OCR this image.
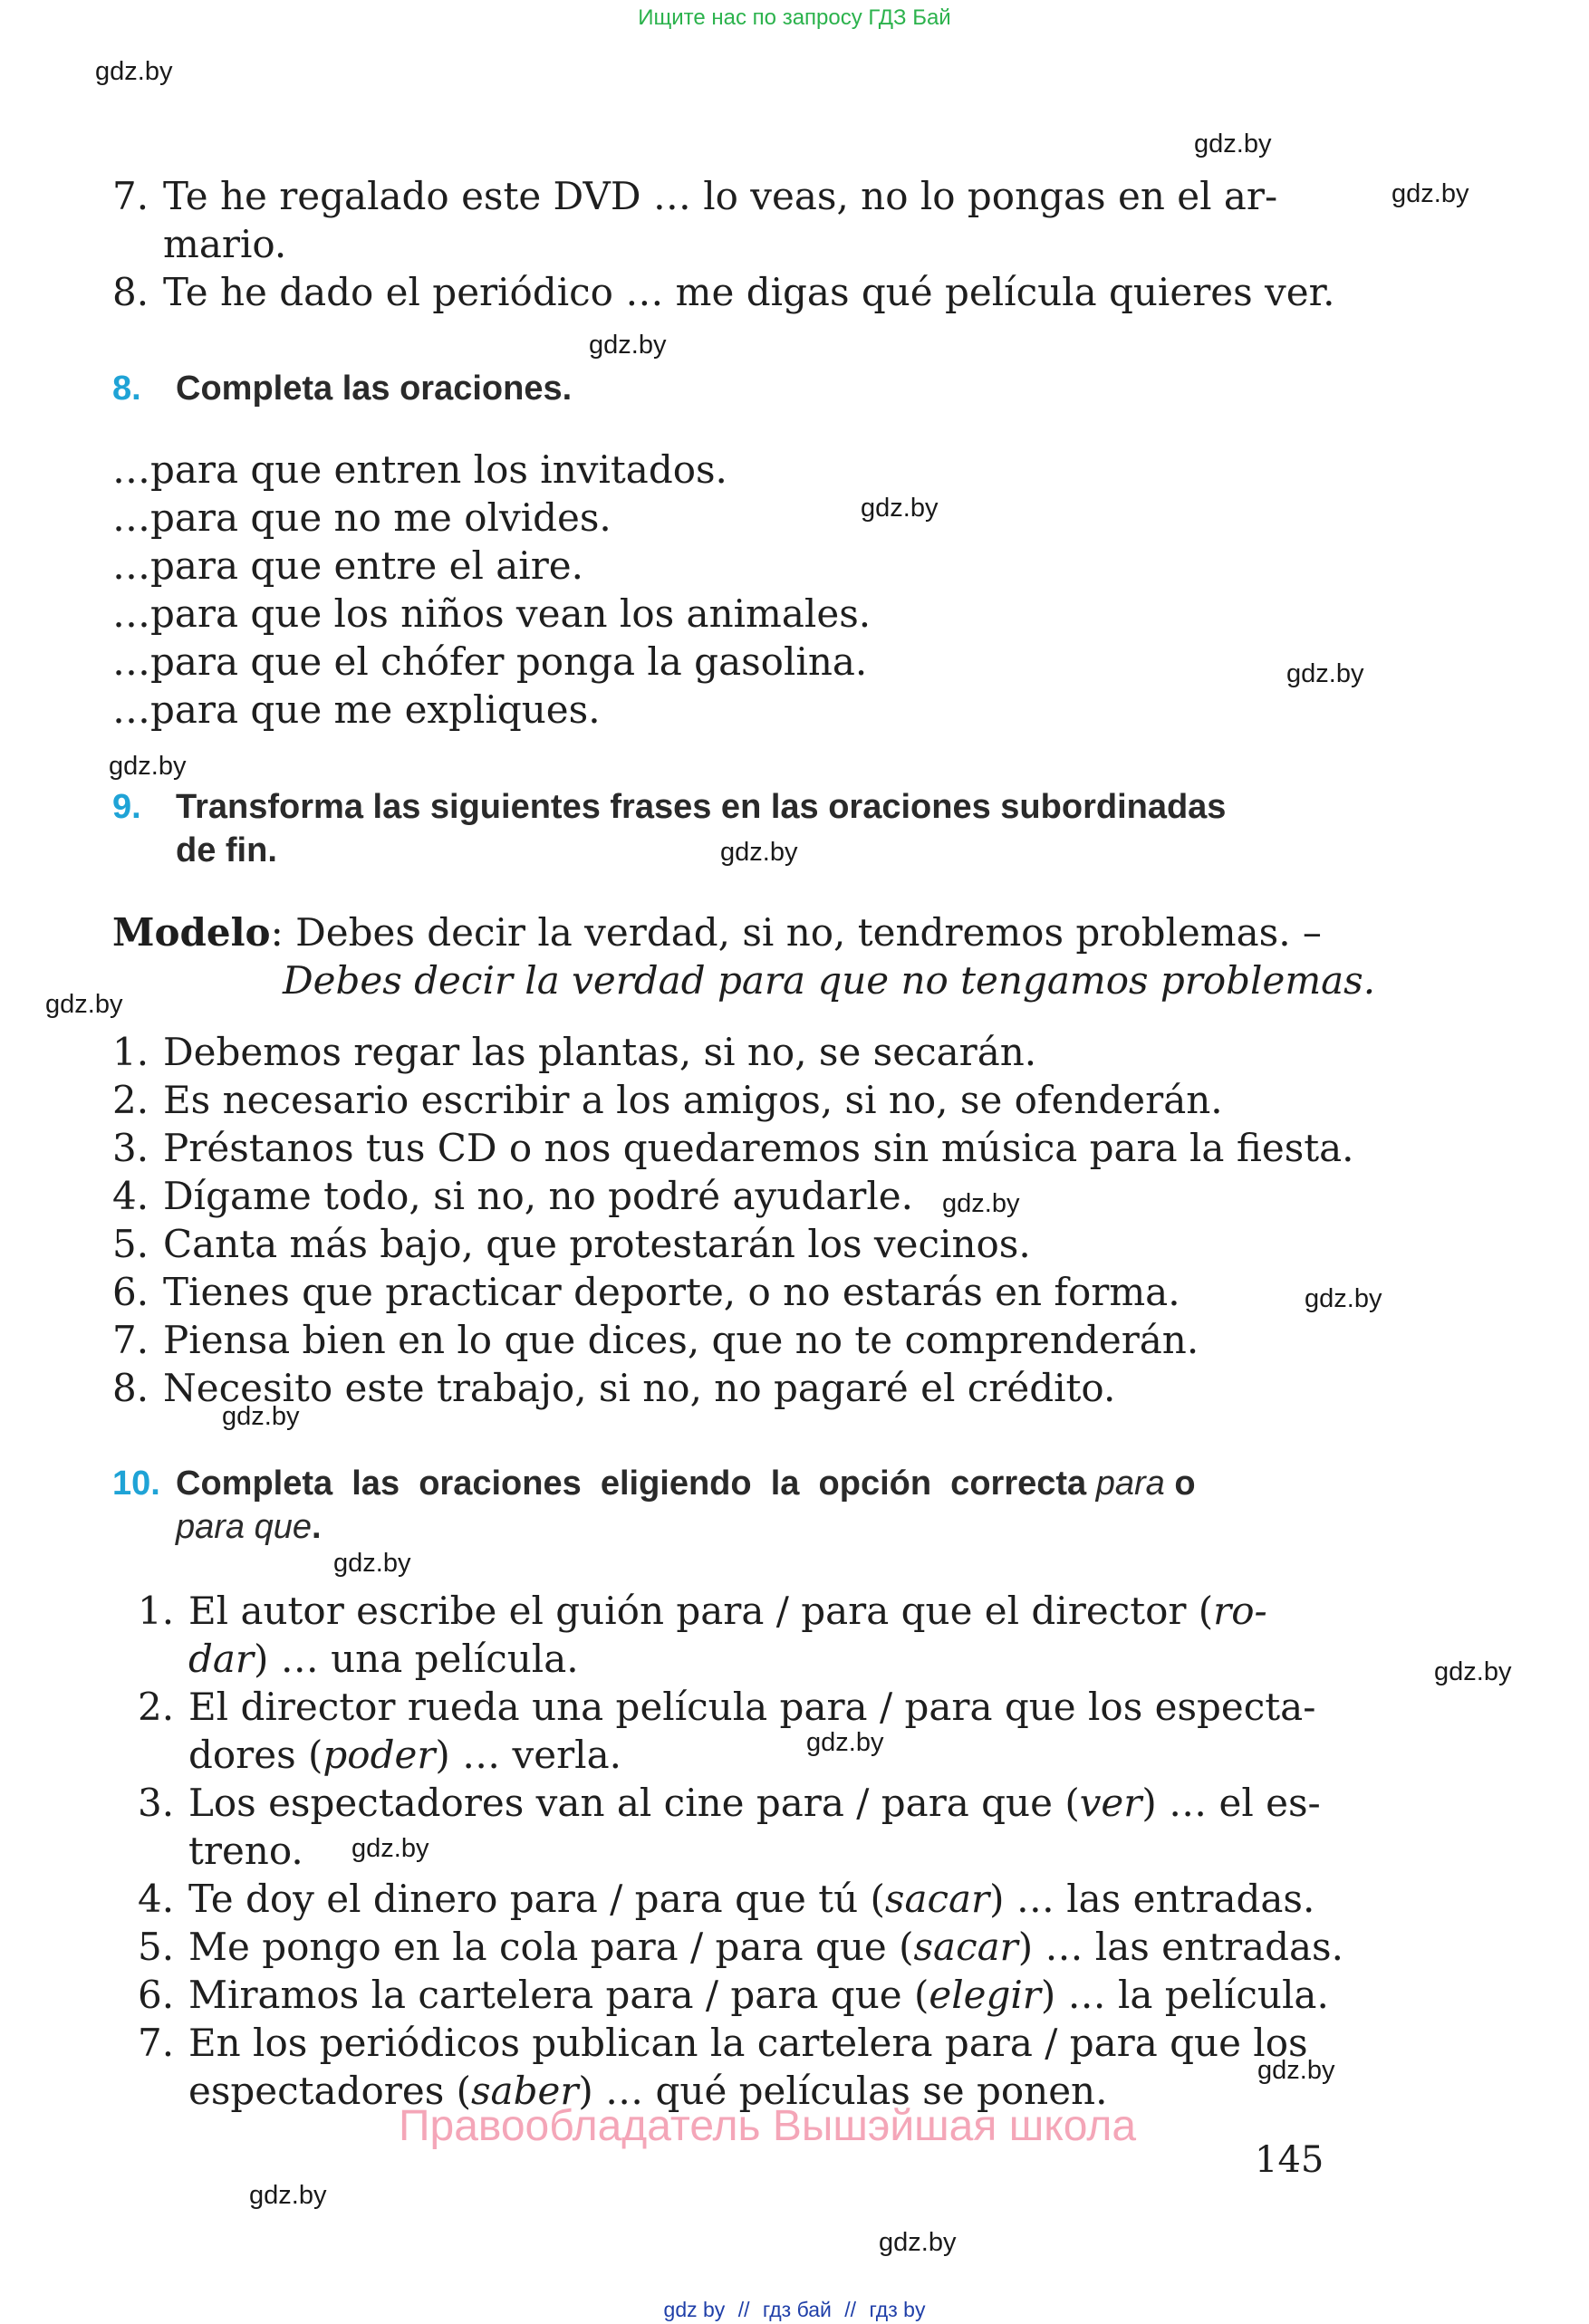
Ищите нас по запросу ГДЗ Бай
gdz.by
gdz.by
gdz.by
gdz.by
gdz.by
gdz.by
gdz.by
gdz.by
gdz.by
gdz.by
gdz.by
gdz.by
gdz.by
gdz.by
gdz.by
gdz.by
gdz.by
gdz.by
gdz.by
7. Te he regalado este DVD … lo veas, no lo pongas en el ar-
mario.
8. Te he dado el periódico … me digas qué película quieres ver.
8. Completa las oraciones.
…para que entren los invitados.
…para que no me olvides.
…para que entre el aire.
…para que los niños vean los animales.
…para que el chófer ponga la gasolina.
…para que me expliques.
9. Transforma las siguientes frases en las oraciones subordinadas
de fin.
Modelo: Debes decir la verdad, si no, tendremos problemas. –
Debes decir la verdad para que no tengamos problemas.
1. Debemos regar las plantas, si no, se secarán.
2. Es necesario escribir a los amigos, si no, se ofenderán.
3. Préstanos tus CD o nos quedaremos sin música para la fiesta.
4. Dígame todo, si no, no podré ayudarle.
5. Canta más bajo, que protestarán los vecinos.
6. Tienes que practicar deporte, o no estarás en forma.
7. Piensa bien en lo que dices, que no te comprenderán.
8. Necesito este trabajo, si no, no pagaré el crédito.
10. Completa  las  oraciones  eligiendo  la  opción  correcta para o
para que.
1. El autor escribe el guión para / para que el director (ro-
dar) … una película.
2. El director rueda una película para / para que los especta-
dores (poder) … verla.
3. Los espectadores van al cine para / para que (ver) … el es-
treno.
4. Te doy el dinero para / para que tú (sacar) … las entradas.
5. Me pongo en la cola para / para que (sacar) … las entradas.
6. Miramos la cartelera para / para que (elegir) … la película.
7. En los periódicos publican la cartelera para / para que los
espectadores (saber) … qué películas se ponen.
Правообладатель Вышэйшая школа
145
gdz by // гдз бай // гдз by
